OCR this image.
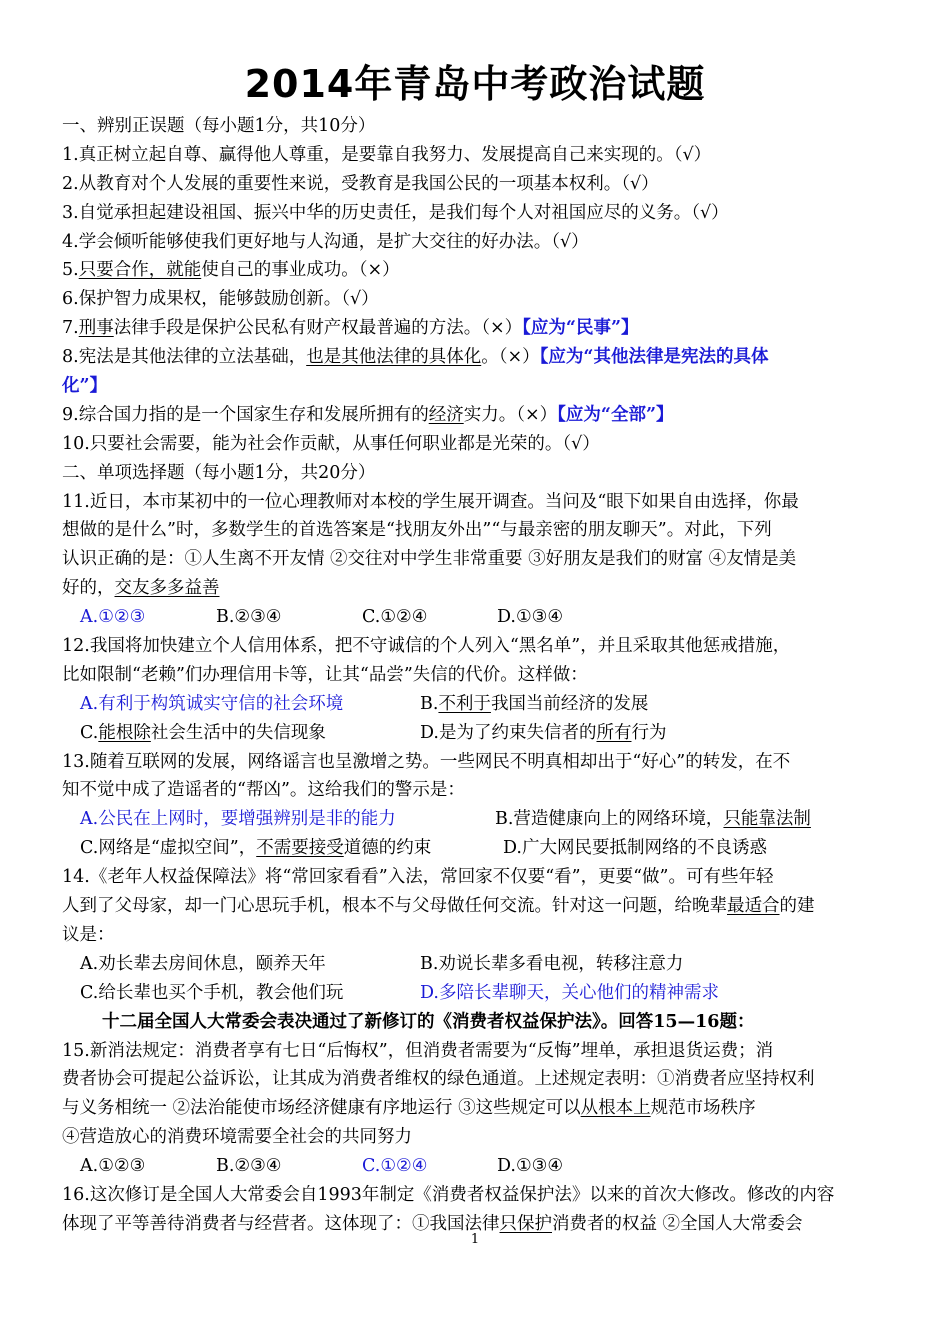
2014年青岛中考政治试题
一、辨别正误题（每小题1分，共10分）
1.真正树立起自尊、赢得他人尊重，是要靠自我努力、发展提高自己来实现的。（√）
2.从教育对个人发展的重要性来说，受教育是我国公民的一项基本权利。（√）
3.自觉承担起建设祖国、振兴中华的历史责任，是我们每个人对祖国应尽的义务。（√）
4.学会倾听能够使我们更好地与人沟通，是扩大交往的好办法。（√）
5.只要合作，就能使自己的事业成功。（×）
6.保护智力成果权，能够鼓励创新。（√）
7.刑事法律手段是保护公民私有财产权最普遍的方法。（×）【应为“民事”】
8.宪法是其他法律的立法基础，也是其他法律的具体化。（×）【应为“其他法律是宪法的具体
化”】
9.综合国力指的是一个国家生存和发展所拥有的经济实力。（×）【应为“全部”】
10.只要社会需要，能为社会作贡献，从事任何职业都是光荣的。（√）
二、单项选择题（每小题1分，共20分）
11.近日，本市某初中的一位心理教师对本校的学生展开调查。当问及“眼下如果自由选择，你最
想做的是什么”时，多数学生的首选答案是“找朋友外出”“与最亲密的朋友聊天”。对此，下列
认识正确的是：①人生离不开友情 ②交往对中学生非常重要 ③好朋友是我们的财富 ④友情是美
好的，交友多多益善
A.①②③	B.②③④	C.①②④	D.①③④
12.我国将加快建立个人信用体系，把不守诚信的个人列入“黑名单”，并且采取其他惩戒措施，
比如限制“老赖”们办理信用卡等，让其“品尝”失信的代价。这样做：
A.有利于构筑诚实守信的社会环境	B.不利于我国当前经济的发展
C.能根除社会生活中的失信现象	D.是为了约束失信者的所有行为
13.随着互联网的发展，网络谣言也呈激增之势。一些网民不明真相却出于“好心”的转发，在不
知不觉中成了造谣者的“帮凶”。这给我们的警示是：
A.公民在上网时，要增强辨别是非的能力	B.营造健康向上的网络环境，只能靠法制
C.网络是“虚拟空间”，不需要接受道德的约束	D.广大网民要抵制网络的不良诱惑
14.《老年人权益保障法》将“常回家看看”入法，常回家不仅要“看”，更要“做”。可有些年轻
人到了父母家，却一门心思玩手机，根本不与父母做任何交流。针对这一问题，给晚辈最适合的建
议是：
A.劝长辈去房间休息，颐养天年	B.劝说长辈多看电视，转移注意力
C.给长辈也买个手机，教会他们玩	D.多陪长辈聊天，关心他们的精神需求
十二届全国人大常委会表决通过了新修订的《消费者权益保护法》。回答15—16题：
15.新消法规定：消费者享有七日“后悔权”，但消费者需要为“反悔”埋单，承担退货运费；消
费者协会可提起公益诉讼，让其成为消费者维权的绿色通道。上述规定表明：①消费者应坚持权利
与义务相统一 ②法治能使市场经济健康有序地运行 ③这些规定可以从根本上规范市场秩序
④营造放心的消费环境需要全社会的共同努力
A.①②③	B.②③④	C.①②④	D.①③④
16.这次修订是全国人大常委会自1993年制定《消费者权益保护法》以来的首次大修改。修改的内容
体现了平等善待消费者与经营者。这体现了：①我国法律只保护消费者的权益 ②全国人大常委会
1
